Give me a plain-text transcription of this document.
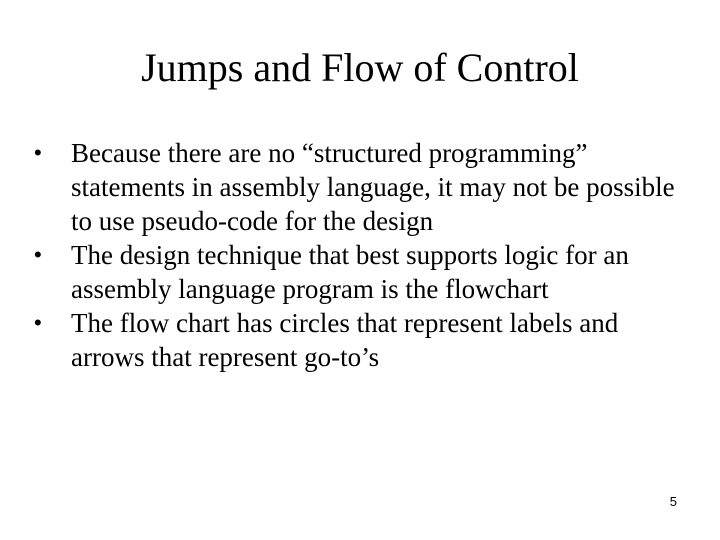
Jumps and Flow of Control
• Because there are no “structured programming” statements in assembly language, it may not be possible to use pseudo-code for the design
• The design technique that best supports logic for an assembly language program is the flowchart
• The flow chart has circles that represent labels and arrows that represent go-to’s
5
